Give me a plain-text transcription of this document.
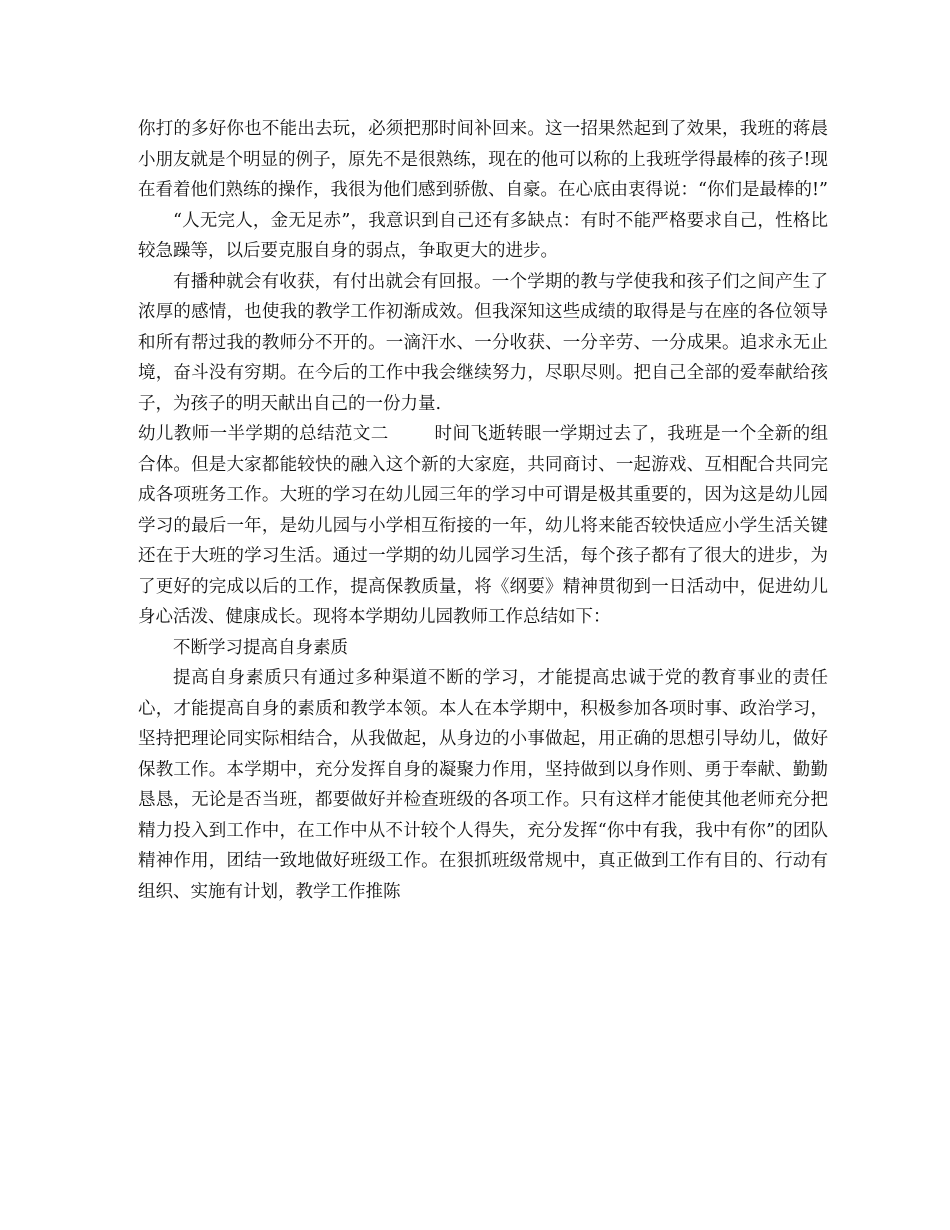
你打的多好你也不能出去玩，必须把那时间补回来。这一招果然起到了效果，我班的蒋晨小朋友就是个明显的例子，原先不是很熟练，现在的他可以称的上我班学得最棒的孩子!现在看着他们熟练的操作，我很为他们感到骄傲、自豪。在心底由衷得说：“你们是最棒的!”

“人无完人，金无足赤”，我意识到自己还有多缺点：有时不能严格要求自己，性格比较急躁等，以后要克服自身的弱点，争取更大的进步。

有播种就会有收获，有付出就会有回报。一个学期的教与学使我和孩子们之间产生了浓厚的感情，也使我的教学工作初渐成效。但我深知这些成绩的取得是与在座的各位领导和所有帮过我的教师分不开的。一滴汗水、一分收获、一分辛劳、一分成果。追求永无止境，奋斗没有穷期。在今后的工作中我会继续努力，尽职尽则。把自己全部的爱奉献给孩子，为孩子的明天献出自己的一份力量.

幼儿教师一半学期的总结范文二	时间飞逝转眼一学期过去了，我班是一个全新的组合体。但是大家都能较快的融入这个新的大家庭，共同商讨、一起游戏、互相配合共同完成各项班务工作。大班的学习在幼儿园三年的学习中可谓是极其重要的，因为这是幼儿园学习的最后一年，是幼儿园与小学相互衔接的一年，幼儿将来能否较快适应小学生活关键还在于大班的学习生活。通过一学期的幼儿园学习生活，每个孩子都有了很大的进步，为了更好的完成以后的工作，提高保教质量，将《纲要》精神贯彻到一日活动中，促进幼儿身心活泼、健康成长。现将本学期幼儿园教师工作总结如下：

不断学习提高自身素质

提高自身素质只有通过多种渠道不断的学习，才能提高忠诚于党的教育事业的责任心，才能提高自身的素质和教学本领。本人在本学期中，积极参加各项时事、政治学习，坚持把理论同实际相结合，从我做起，从身边的小事做起，用正确的思想引导幼儿，做好保教工作。本学期中，充分发挥自身的凝聚力作用，坚持做到以身作则、勇于奉献、勤勤恳恳，无论是否当班，都要做好并检查班级的各项工作。只有这样才能使其他老师充分把精力投入到工作中，在工作中从不计较个人得失，充分发挥“你中有我，我中有你”的团队精神作用，团结一致地做好班级工作。在狠抓班级常规中，真正做到工作有目的、行动有组织、实施有计划，教学工作推陈
